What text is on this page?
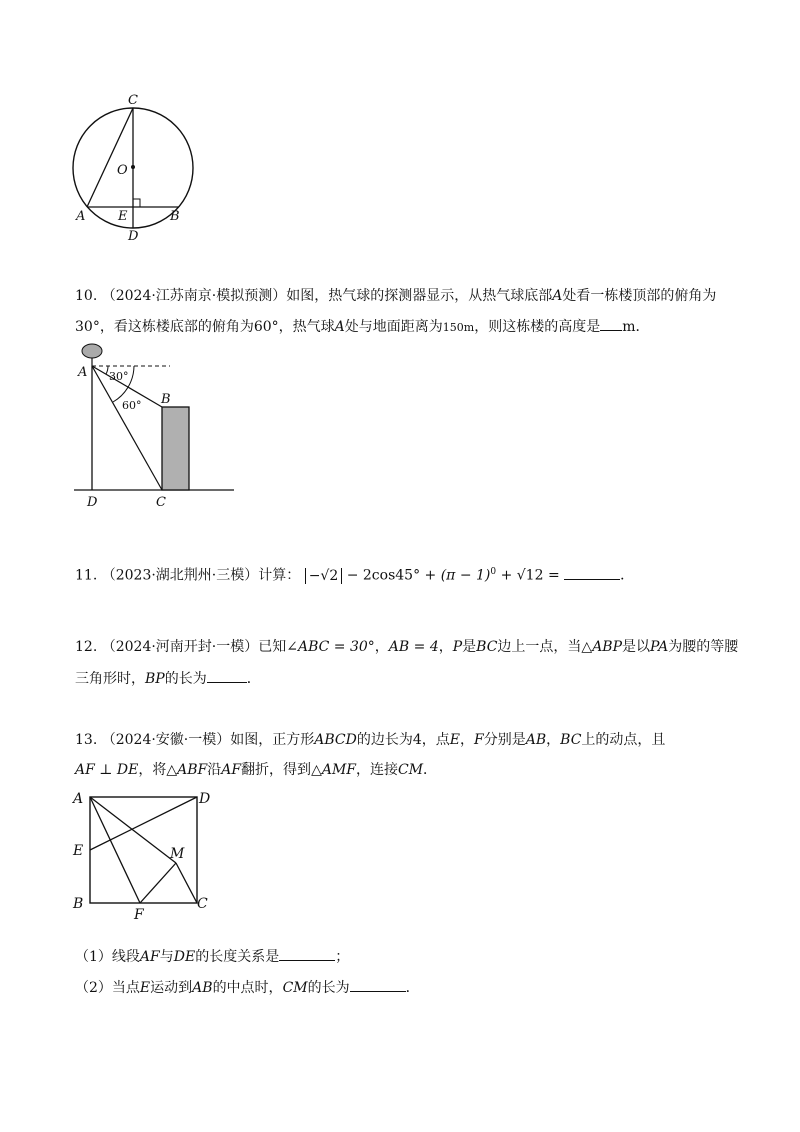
C
O
A	E	B
D
10. （2024·江苏南京·模拟预测）如图，热气球的探测器显示，从热气球底部A处看一栋楼顶部的俯角为
30°，看这栋楼底部的俯角为60°，热气球A处与地面距离为150m，则这栋楼的高度是 m．
A 30°
60° B
D	C
11. （2023·湖北荆州·三模）计算： $-√2 - 2\cos 45^\circ + (\pi - 1)^0 + √12$ =	．
12. （2024·河南开封·一模）已知∠ABC = 30°，AB = 4，P是BC边上一点，当△ABP是以PA为腰的等腰
三角形时，BP的长为	．
13. （2024·安徽·一模）如图，正方形ABCD的边长为4，点E，F分别是AB，BC上的动点，且
AF ⊥ DE，将△ABF沿AF翻折，得到△AMF，连接CM．
A	D
E	M
B
F
C
（1）线段AF与DE的长度关系是	；
（2）当点E运动到AB的中点时，CM的长为	．
